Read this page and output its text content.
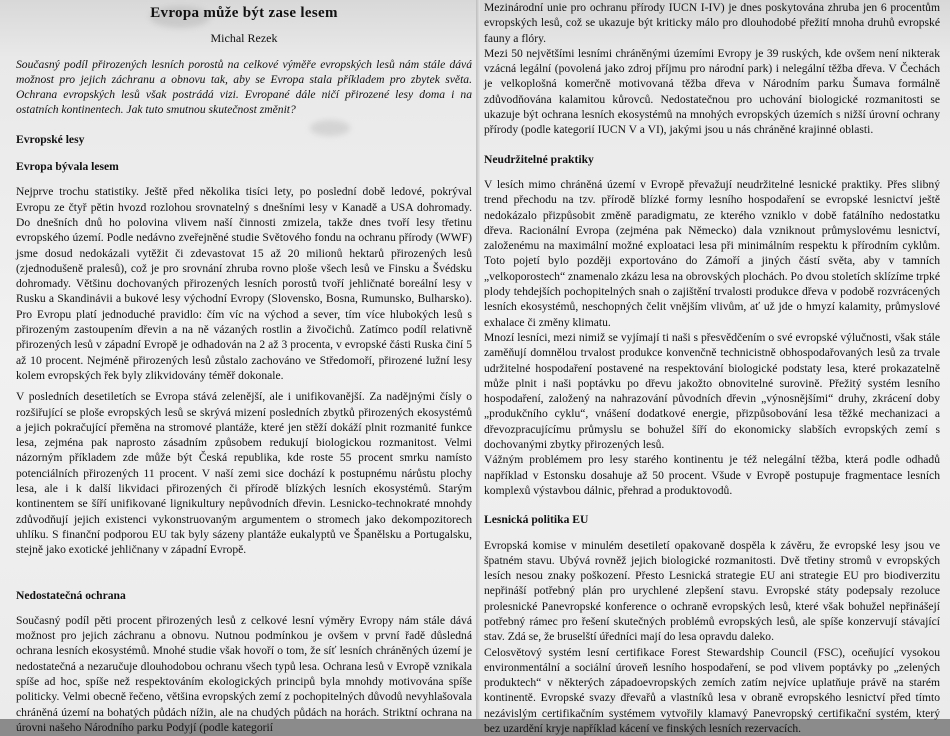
Evropa může být zase lesem
Michal Rezek
Současný podíl přirozených lesních porostů na celkové výměře evropských lesů nám stále dává možnost pro jejich záchranu a obnovu tak, aby se Evropa stala příkladem pro zbytek světa. Ochrana evropských lesů však postrádá vizi. Evropané dále ničí přirozené lesy doma i na ostatních kontinentech. Jak tuto smutnou skutečnost změnit?
Evropské lesy
Evropa bývala lesem
Nejprve trochu statistiky. Ještě před několika tisíci lety, po poslední době ledové, pokrýval Evropu ze čtyř pětin hvozd rozlohou srovnatelný s dnešními lesy v Kanadě a USA dohromady. Do dnešních dnů ho polovina vlivem naší činnosti zmizela, takže dnes tvoří lesy třetinu evropského území. Podle nedávno zveřejněné studie Světového fondu na ochranu přírody (WWF) jsme dosud nedokázali vytěžit či zdevastovat 15 až 20 milionů hektarů přirozených lesů (zjednodušeně pralesů), což je pro srovnání zhruba rovno ploše všech lesů ve Finsku a Švédsku dohromady. Většinu dochovaných přirozených lesních porostů tvoří jehličnaté boreální lesy v Rusku a Skandinávii a bukové lesy východní Evropy (Slovensko, Bosna, Rumunsko, Bulharsko). Pro Evropu platí jednoduché pravidlo: čím víc na východ a sever, tím více hlubokých lesů s přirozeným zastoupením dřevin a na ně vázaných rostlin a živočichů. Zatímco podíl relativně přirozených lesů v západní Evropě je odhadován na 2 až 3 procenta, v evropské části Ruska činí 5 až 10 procent. Nejméně přirozených lesů zůstalo zachováno ve Středomoří, přirozené lužní lesy kolem evropských řek byly zlikvidovány téměř dokonale.
V posledních desetiletích se Evropa stává zelenější, ale i unifikovanější. Za nadějnými čísly o rozšiřující se ploše evropských lesů se skrývá mizení posledních zbytků přirozených ekosystémů a jejich pokračující přeměna na stromové plantáže, které jen stěží dokáží plnit rozmanité funkce lesa, zejména pak naprosto zásadním způsobem redukují biologickou rozmanitost. Velmi názorným příkladem zde může být Česká republika, kde roste 55 procent smrku namísto potenciálních přirozených 11 procent. V naší zemi sice dochází k postupnému nárůstu plochy lesa, ale i k další likvidaci přirozených či přírodě blízkých lesních ekosystémů. Starým kontinentem se šíří unifikované lignikultury nepůvodních dřevin. Lesnicko-technokraté mnohdy zdůvodňují jejich existenci vykonstruovaným argumentem o stromech jako dekompozitorech uhlíku. S finanční podporou EU tak byly sázeny plantáže eukalyptů ve Španělsku a Portugalsku, stejně jako exotické jehličnany v západní Evropě.
Nedostatečná ochrana
Současný podíl pěti procent přirozených lesů z celkové lesní výměry Evropy nám stále dává možnost pro jejich záchranu a obnovu. Nutnou podmínkou je ovšem v první řadě důsledná ochrana lesních ekosystémů. Mnohé studie však hovoří o tom, že síť lesních chráněných území je nedostatečná a nezaručuje dlouhodobou ochranu všech typů lesa. Ochrana lesů v Evropě vznikala spíše ad hoc, spíše než respektováním ekologických principů byla mnohdy motivována spíše politicky. Velmi obecně řečeno, většina evropských zemí z pochopitelných důvodů nevyhlašovala chráněná území na bohatých půdách nížin, ale na chudých půdách na horách. Striktní ochrana na úrovni našeho Národního parku Podyjí (podle kategorií
Mezinárodní unie pro ochranu přírody IUCN I-IV) je dnes poskytována zhruba jen 6 procentům evropských lesů, což se ukazuje být kriticky málo pro dlouhodobé přežití mnoha druhů evropské fauny a flóry.
Mezi 50 největšími lesními chráněnými územími Evropy je 39 ruských, kde ovšem není nikterak vzácná legální (povolená jako zdroj příjmu pro národní park) i nelegální těžba dřeva. V Čechách je velkoplošná komerčně motivovaná těžba dřeva v Národním parku Šumava formálně zdůvodňována kalamitou kůrovců. Nedostatečnou pro uchování biologické rozmanitosti se ukazuje být ochrana lesních ekosystémů na mnohých evropských územích s nižší úrovní ochrany přírody (podle kategorií IUCN V a VI), jakými jsou u nás chráněné krajinné oblasti.
Neudržitelné praktiky
V lesích mimo chráněná území v Evropě převažují neudržitelné lesnické praktiky. Přes slibný trend přechodu na tzv. přírodě blízké formy lesního hospodaření se evropské lesnictví ještě nedokázalo přizpůsobit změně paradigmatu, ze kterého vzniklo v době fatálního nedostatku dřeva. Racionální Evropa (zejména pak Německo) dala vzniknout průmyslovému lesnictví, založenému na maximální možné exploataci lesa při minimálním respektu k přírodním cyklům. Toto pojetí bylo později exportováno do Zámoří a jiných částí světa, aby v tamních „velkoporostech“ znamenalo zkázu lesa na obrovských plochách. Po dvou stoletích sklízíme trpké plody tehdejších pochopitelných snah o zajištění trvalosti produkce dřeva v podobě rozvrácených lesních ekosystémů, neschopných čelit vnějším vlivům, ať už jde o hmyzí kalamity, průmyslové exhalace či změny klimatu.
Mnozí lesníci, mezi nimiž se vyjímají ti naši s přesvědčením o své evropské výlučnosti, však stále zaměňují domnělou trvalost produkce konvenčně technicistně obhospodařovaných lesů za trvale udržitelné hospodaření postavené na respektování biologické podstaty lesa, které prokazatelně může plnit i naši poptávku po dřevu jakožto obnovitelné surovině. Přežitý systém lesního hospodaření, založený na nahrazování původních dřevin „výnosnějšími“ druhy, zkrácení doby „produkčního cyklu“, vnášení dodatkové energie, přizpůsobování lesa těžké mechanizaci a dřevozpracujícímu průmyslu se bohužel šíří do ekonomicky slabších evropských zemí s dochovanými zbytky přirozených lesů.
Vážným problémem pro lesy starého kontinentu je též nelegální těžba, která podle odhadů například v Estonsku dosahuje až 50 procent. Všude v Evropě postupuje fragmentace lesních komplexů výstavbou dálnic, přehrad a produktovodů.
Lesnická politika EU
Evropská komise v minulém desetiletí opakovaně dospěla k závěru, že evropské lesy jsou ve špatném stavu. Ubývá rovněž jejich biologické rozmanitosti. Dvě třetiny stromů v evropských lesích nesou znaky poškození. Přesto Lesnická strategie EU ani strategie EU pro biodiverzitu nepřináší potřebný plán pro urychlené zlepšení stavu. Evropské státy podepsaly rezoluce prolesnické Panevropské konference o ochraně evropských lesů, které však bohužel nepřinášejí potřebný rámec pro řešení skutečných problémů evropských lesů, ale spíše konzervují stávající stav. Zdá se, že bruselští úředníci mají do lesa opravdu daleko.
Celosvětový systém lesní certifikace Forest Stewardship Council (FSC), oceňující vysokou environmentální a sociální úroveň lesního hospodaření, se pod vlivem poptávky po „zelených produktech“ v některých západoevropských zemích zatím nejvíce uplatňuje právě na starém kontinentě. Evropské svazy dřevařů a vlastníků lesa v obraně evropského lesnictví před tímto nezávislým certifikačním systémem vytvořily klamavý Panevropský certifikační systém, který bez uzardění kryje například kácení ve finských lesních rezervacích.
